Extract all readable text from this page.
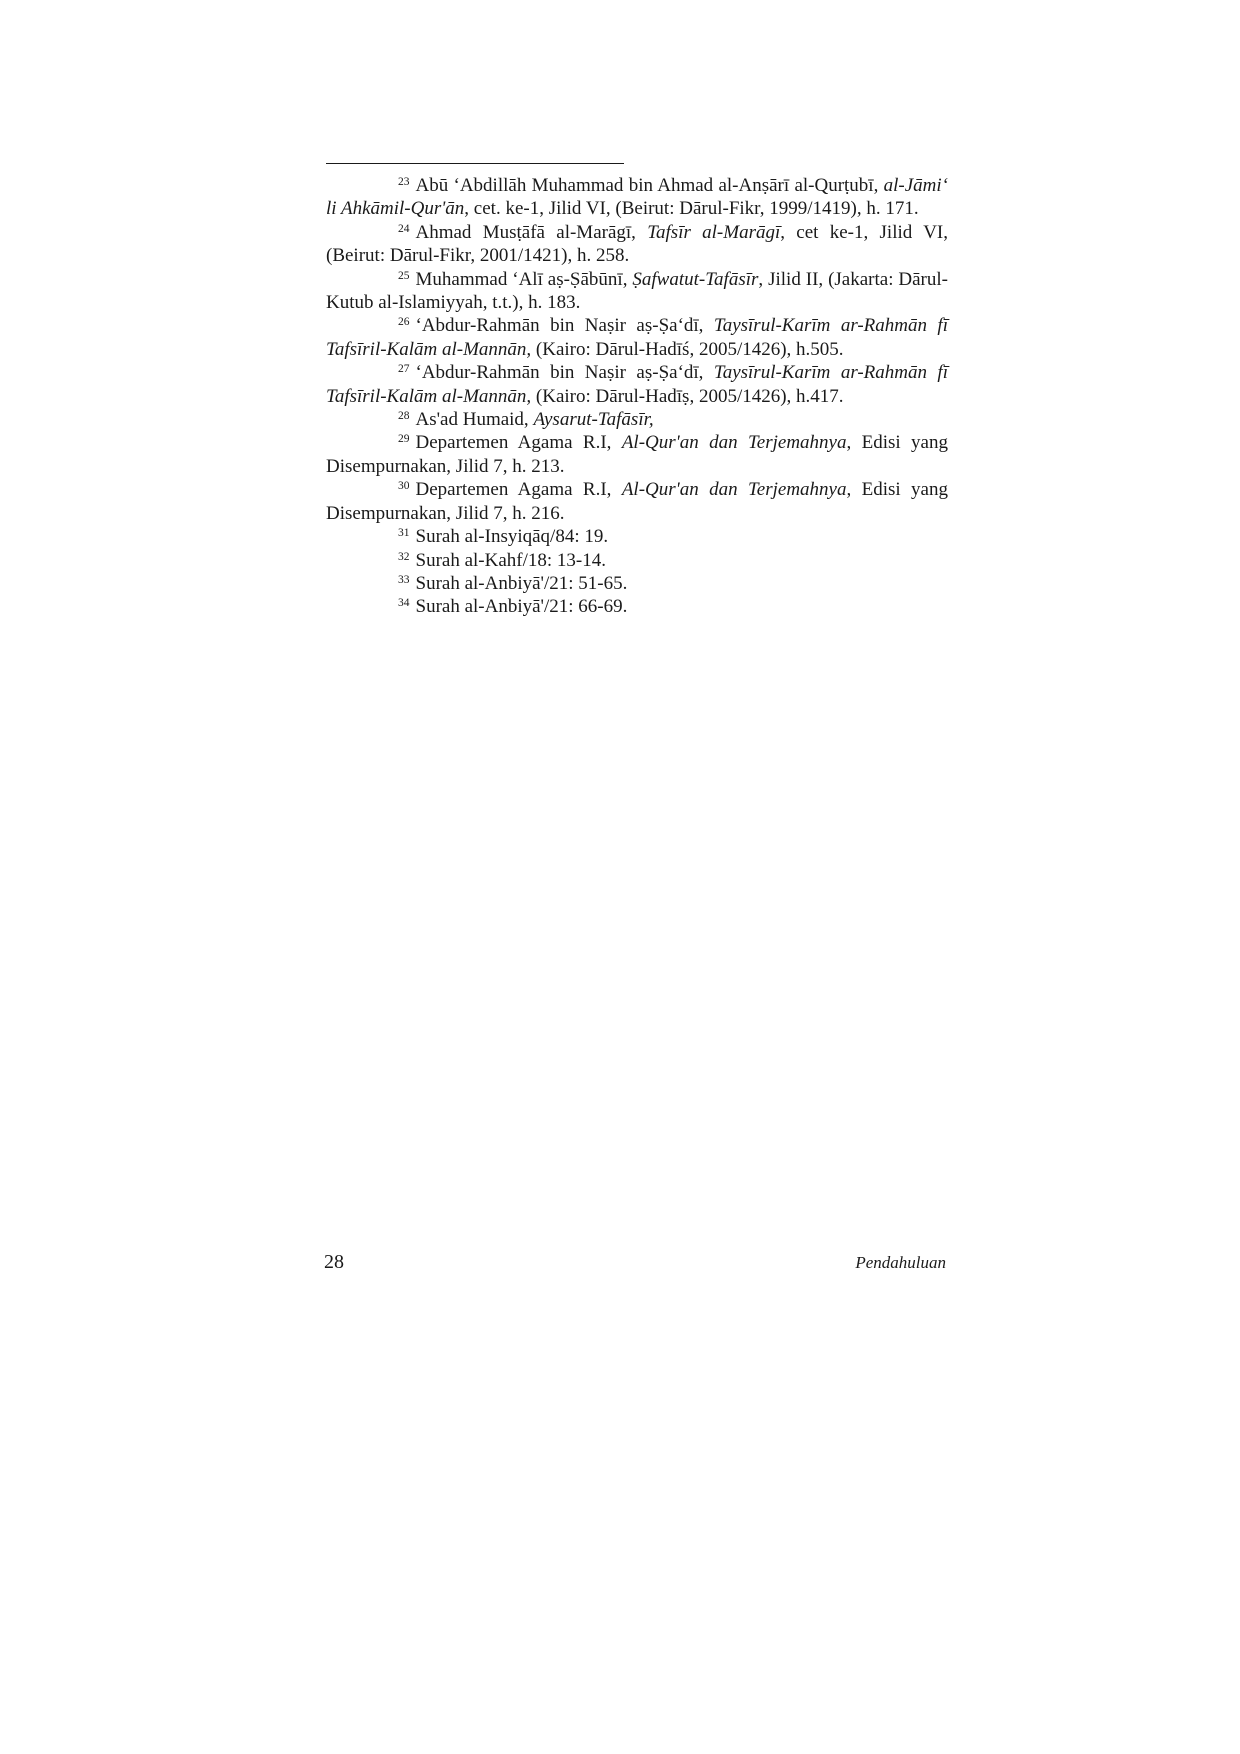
$^{23}$ Abū ‘Abdillāh Muhammad bin Ahmad al-Anṣārī al-Qurṭubī, al-Jāmi‘ li Ahkāmil-Qur'ān, cet. ke-1, Jilid VI, (Beirut: Dārul-Fikr, 1999/1419), h. 171.

$^{24}$ Ahmad Musṭāfā al-Marāgī, Tafsīr al-Marāgī, cet ke-1, Jilid VI, (Beirut: Dārul-Fikr, 2001/1421), h. 258.

$^{25}$ Muhammad ‘Alī aṣ-Ṣābūnī, Ṣafwatut-Tafāsīr, Jilid II, (Jakarta: Dārul-Kutub al-Islamiyyah, t.t.), h. 183.

$^{26}$ ‘Abdur-Rahmān bin Naṣir aṣ-Ṣa‘dī, Taysīrul-Karīm ar-Rahmān fī Tafsīril-Kalām al-Mannān, (Kairo: Dārul-Hadīś, 2005/1426), h.505.

$^{27}$ ‘Abdur-Rahmān bin Naṣir aṣ-Ṣa‘dī, Taysīrul-Karīm ar-Rahmān fī Tafsīril-Kalām al-Mannān, (Kairo: Dārul-Hadīṣ, 2005/1426), h.417.

$^{28}$ As'ad Humaid, Aysarut-Tafāsīr,

$^{29}$ Departemen Agama R.I, Al-Qur'an dan Terjemahnya, Edisi yang Disempurnakan, Jilid 7, h. 213.

$^{30}$ Departemen Agama R.I, Al-Qur'an dan Terjemahnya, Edisi yang Disempurnakan, Jilid 7, h. 216.

$^{31}$ Surah al-Insyiqāq/84: 19.

$^{32}$ Surah al-Kahf/18: 13-14.

$^{33}$ Surah al-Anbiyā'/21: 51-65.

$^{34}$ Surah al-Anbiyā'/21: 66-69.

28	Pendahuluan
